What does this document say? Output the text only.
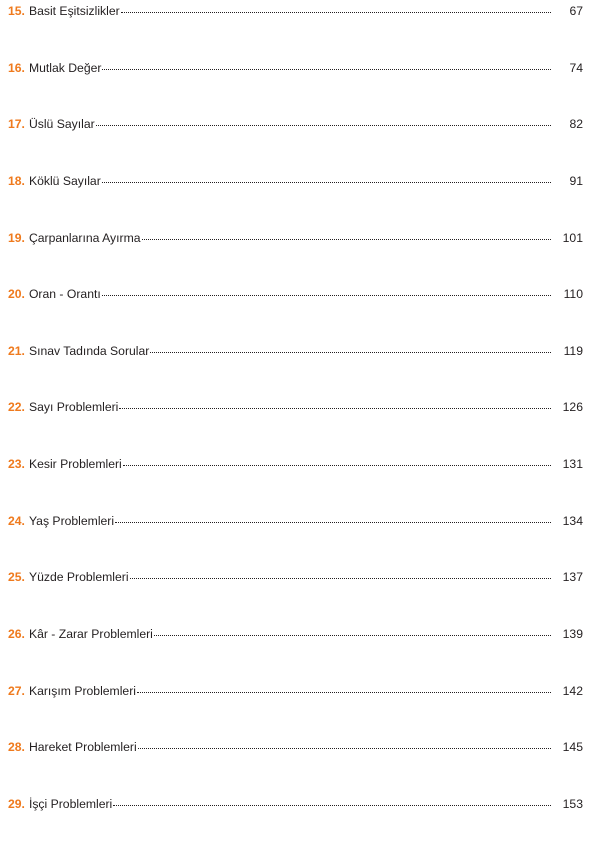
15. Basit Eşitsizlikler	67
16. Mutlak Değer	74
17. Üslü Sayılar	82
18. Köklü Sayılar	91
19. Çarpanlarına Ayırma	101
20. Oran - Orantı	110
21. Sınav Tadında Sorular	119
22. Sayı Problemleri	126
23. Kesir Problemleri	131
24. Yaş Problemleri	134
25. Yüzde Problemleri	137
26. Kâr - Zarar Problemleri	139
27. Karışım Problemleri	142
28. Hareket Problemleri	145
29. İşçi Problemleri	153
